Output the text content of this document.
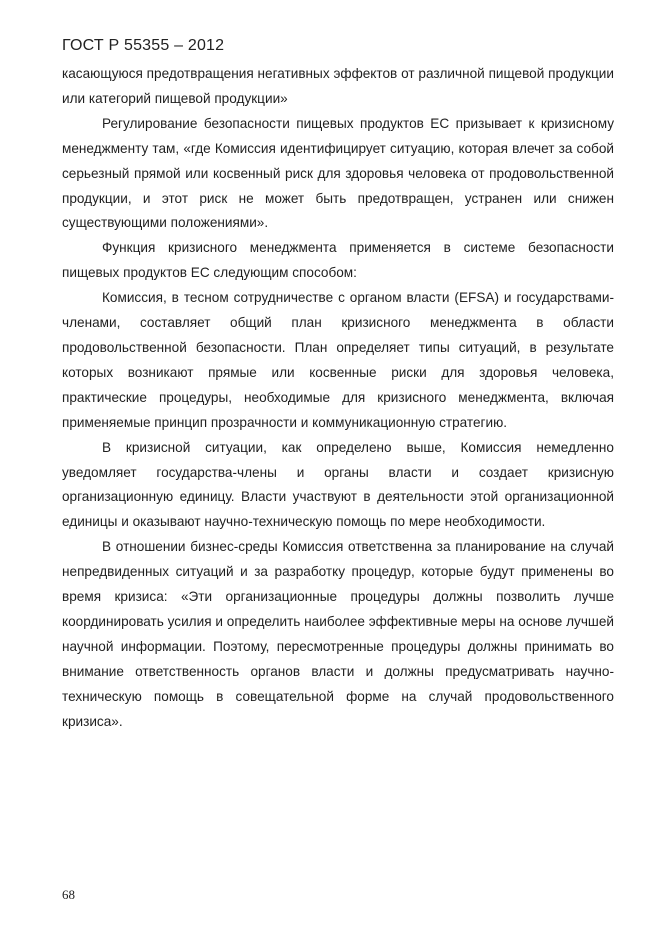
ГОСТ Р 55355 – 2012

касающуюся предотвращения негативных эффектов от различной пищевой продукции или категорий пищевой продукции»

Регулирование безопасности пищевых продуктов ЕС призывает к кризисному менеджменту там, «где Комиссия идентифицирует ситуацию, которая влечет за собой серьезный прямой или косвенный риск для здоровья человека от продовольственной продукции, и этот риск не может быть предотвращен, устранен или снижен существующими положениями».

Функция кризисного менеджмента применяется в системе безопасности пищевых продуктов ЕС следующим способом:

Комиссия, в тесном сотрудничестве с органом власти (EFSA) и государствами-членами, составляет общий план кризисного менеджмента в области продовольственной безопасности. План определяет типы ситуаций, в результате которых возникают прямые или косвенные риски для здоровья человека, практические процедуры, необходимые для кризисного менеджмента, включая применяемые принцип прозрачности и коммуникационную стратегию.

В кризисной ситуации, как определено выше, Комиссия немедленно уведомляет государства-члены и органы власти и создает кризисную организационную единицу. Власти участвуют в деятельности этой организационной единицы и оказывают научно-техническую помощь по мере необходимости.

В отношении бизнес-среды Комиссия ответственна за планирование на случай непредвиденных ситуаций и за разработку процедур, которые будут применены во время кризиса: «Эти организационные процедуры должны позволить лучше координировать усилия и определить наиболее эффективные меры на основе лучшей научной информации. Поэтому, пересмотренные процедуры должны принимать во внимание ответственность органов власти и должны предусматривать научно-техническую помощь в совещательной форме на случай продовольственного кризиса».

68
